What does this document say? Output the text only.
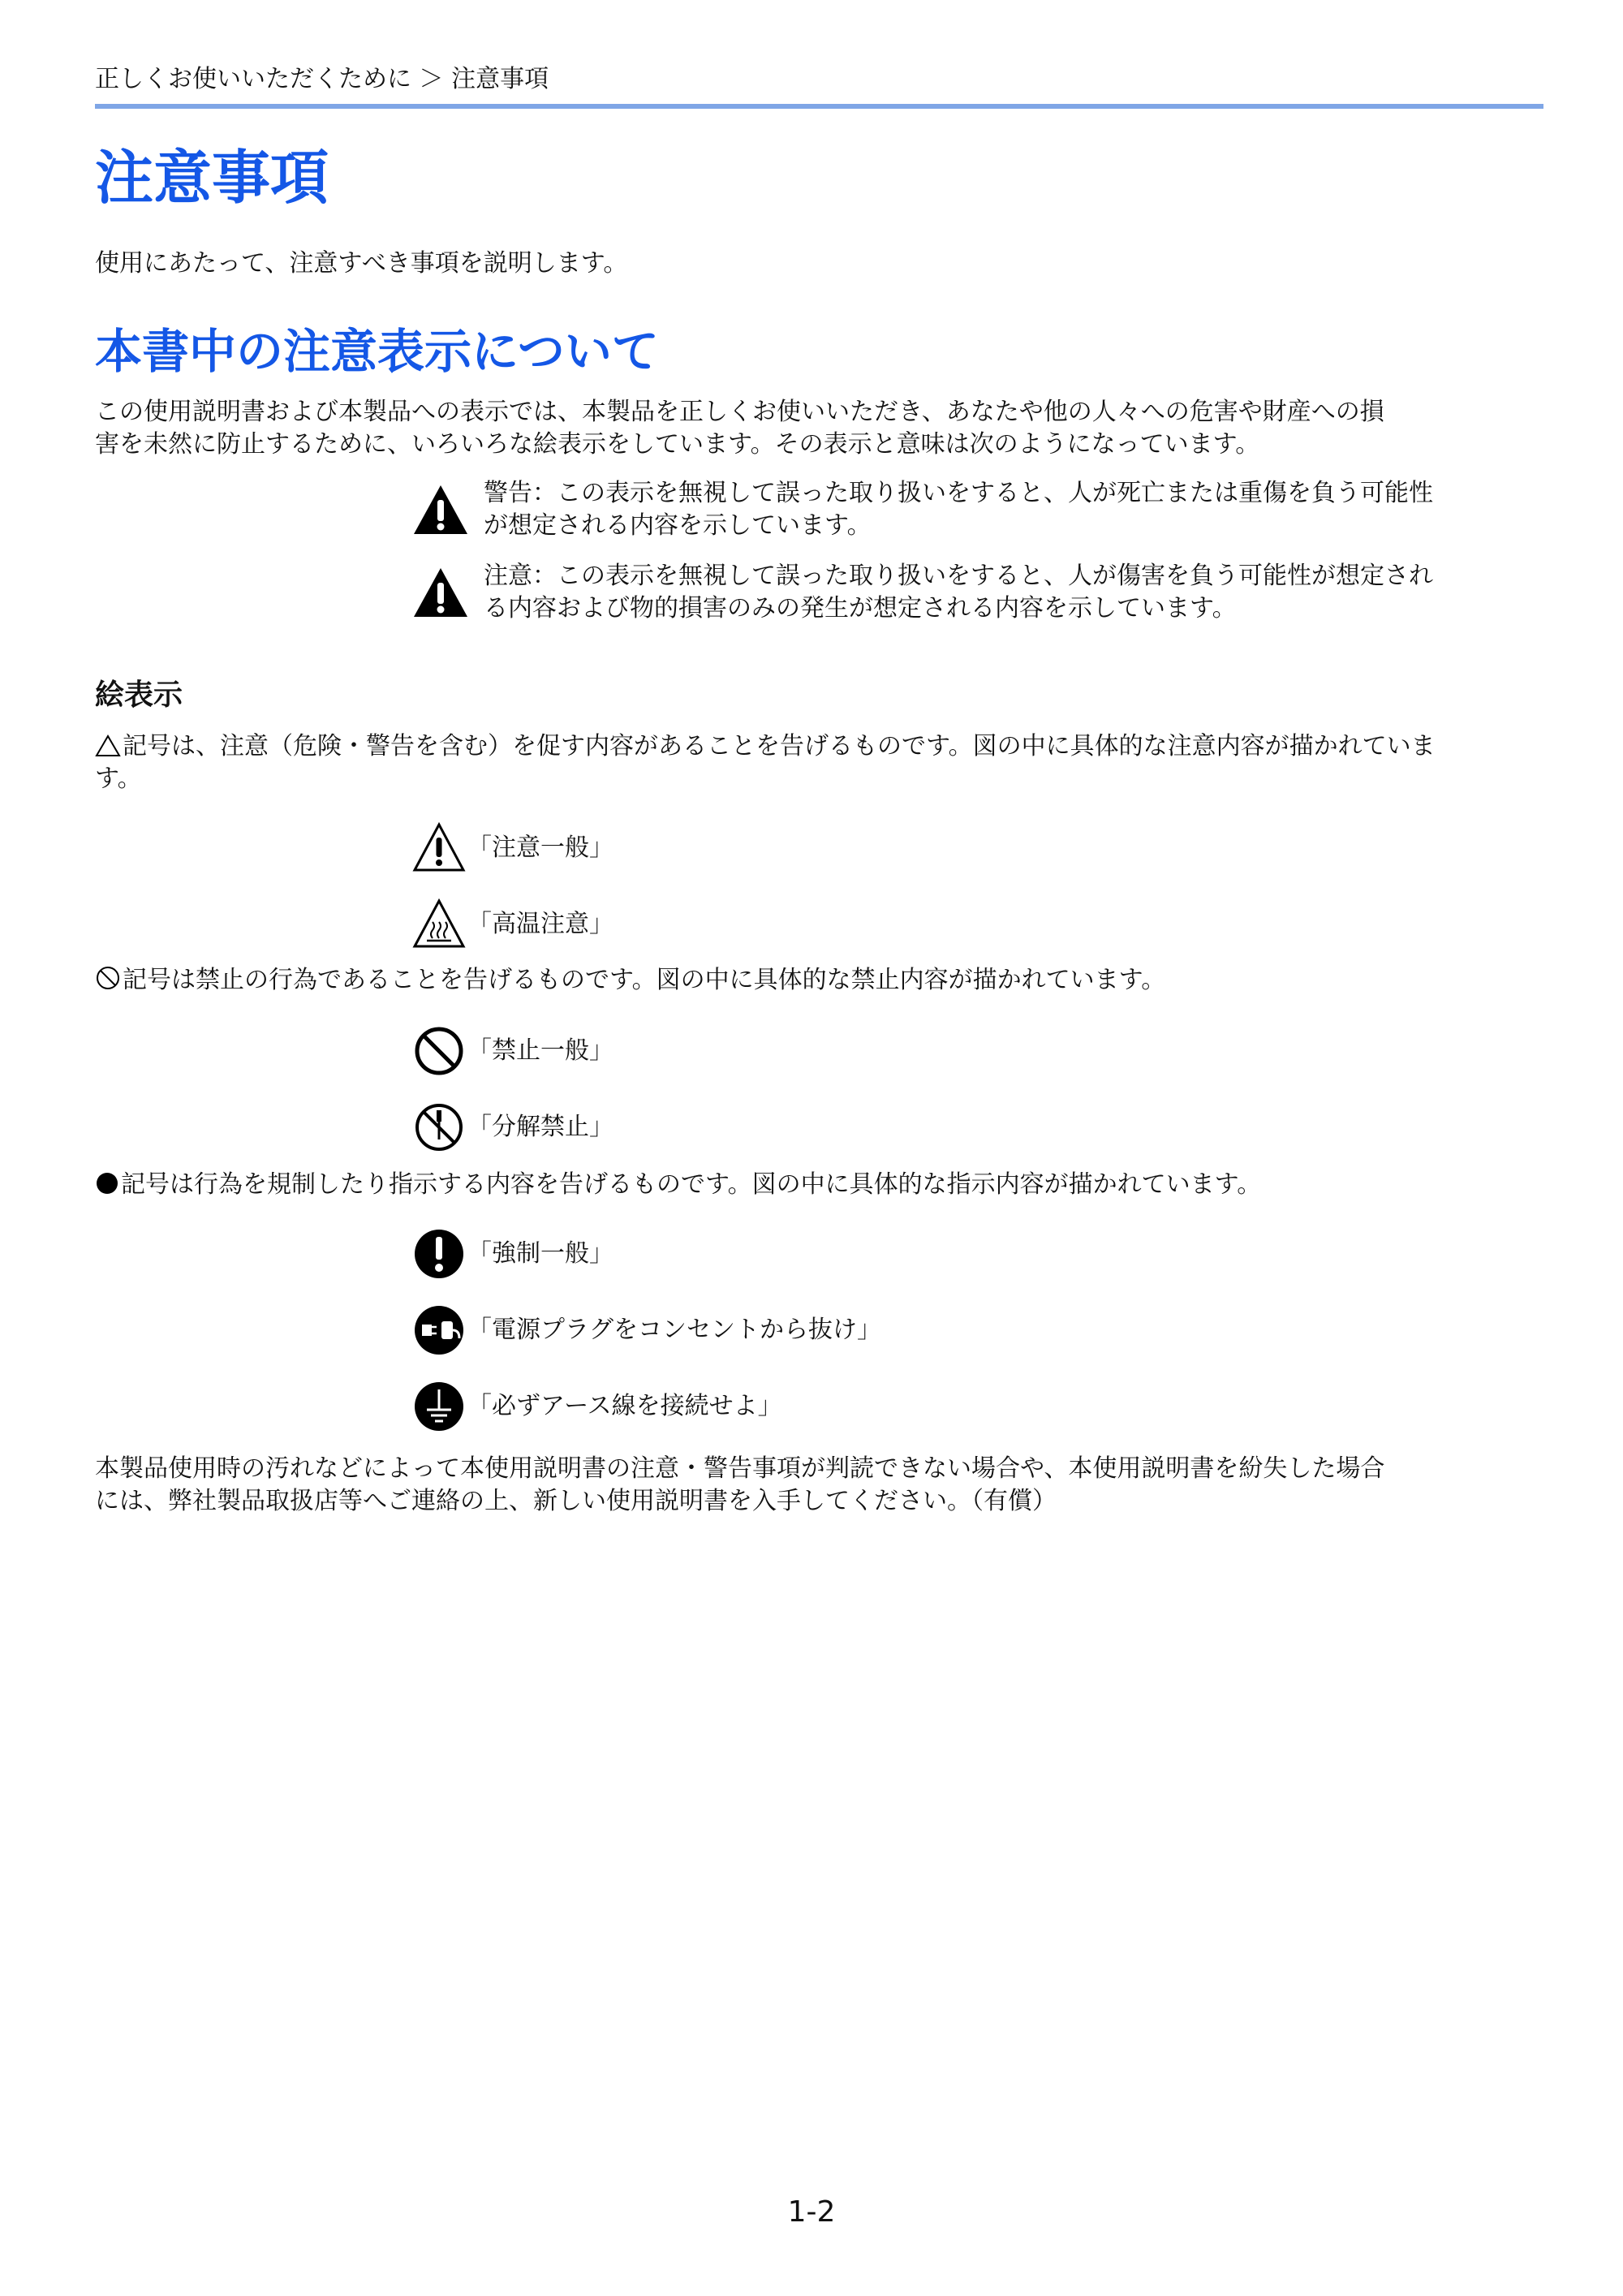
正しくお使いいただくために ＞ 注意事項
注意事項

使用にあたって、注意すべき事項を説明します。

本書中の注意表示について
この使用説明書および本製品への表示では、本製品を正しくお使いいただき、あなたや他の人々への危害や財産への損
害を未然に防止するために、いろいろな絵表示をしています。その表示と意味は次のようになっています。
警告：この表示を無視して誤った取り扱いをすると、人が死亡または重傷を負う可能性
が想定される内容を示しています。
注意：この表示を無視して誤った取り扱いをすると、人が傷害を負う可能性が想定され
る内容および物的損害のみの発生が想定される内容を示しています。
絵表示
記号は、注意（危険・警告を含む）を促す内容があることを告げるものです。図の中に具体的な注意内容が描かれていま
す。
「注意一般」
「高温注意」
記号は禁止の行為であることを告げるものです。図の中に具体的な禁止内容が描かれています。
「禁止一般」
「分解禁止」
記号は行為を規制したり指示する内容を告げるものです。図の中に具体的な指示内容が描かれています。
「強制一般」
「電源プラグをコンセントから抜け」
「必ずアース線を接続せよ」
本製品使用時の汚れなどによって本使用説明書の注意・警告事項が判読できない場合や、本使用説明書を紛失した場合
には、弊社製品取扱店等へご連絡の上、新しい使用説明書を入手してください。（有償）
1-2
